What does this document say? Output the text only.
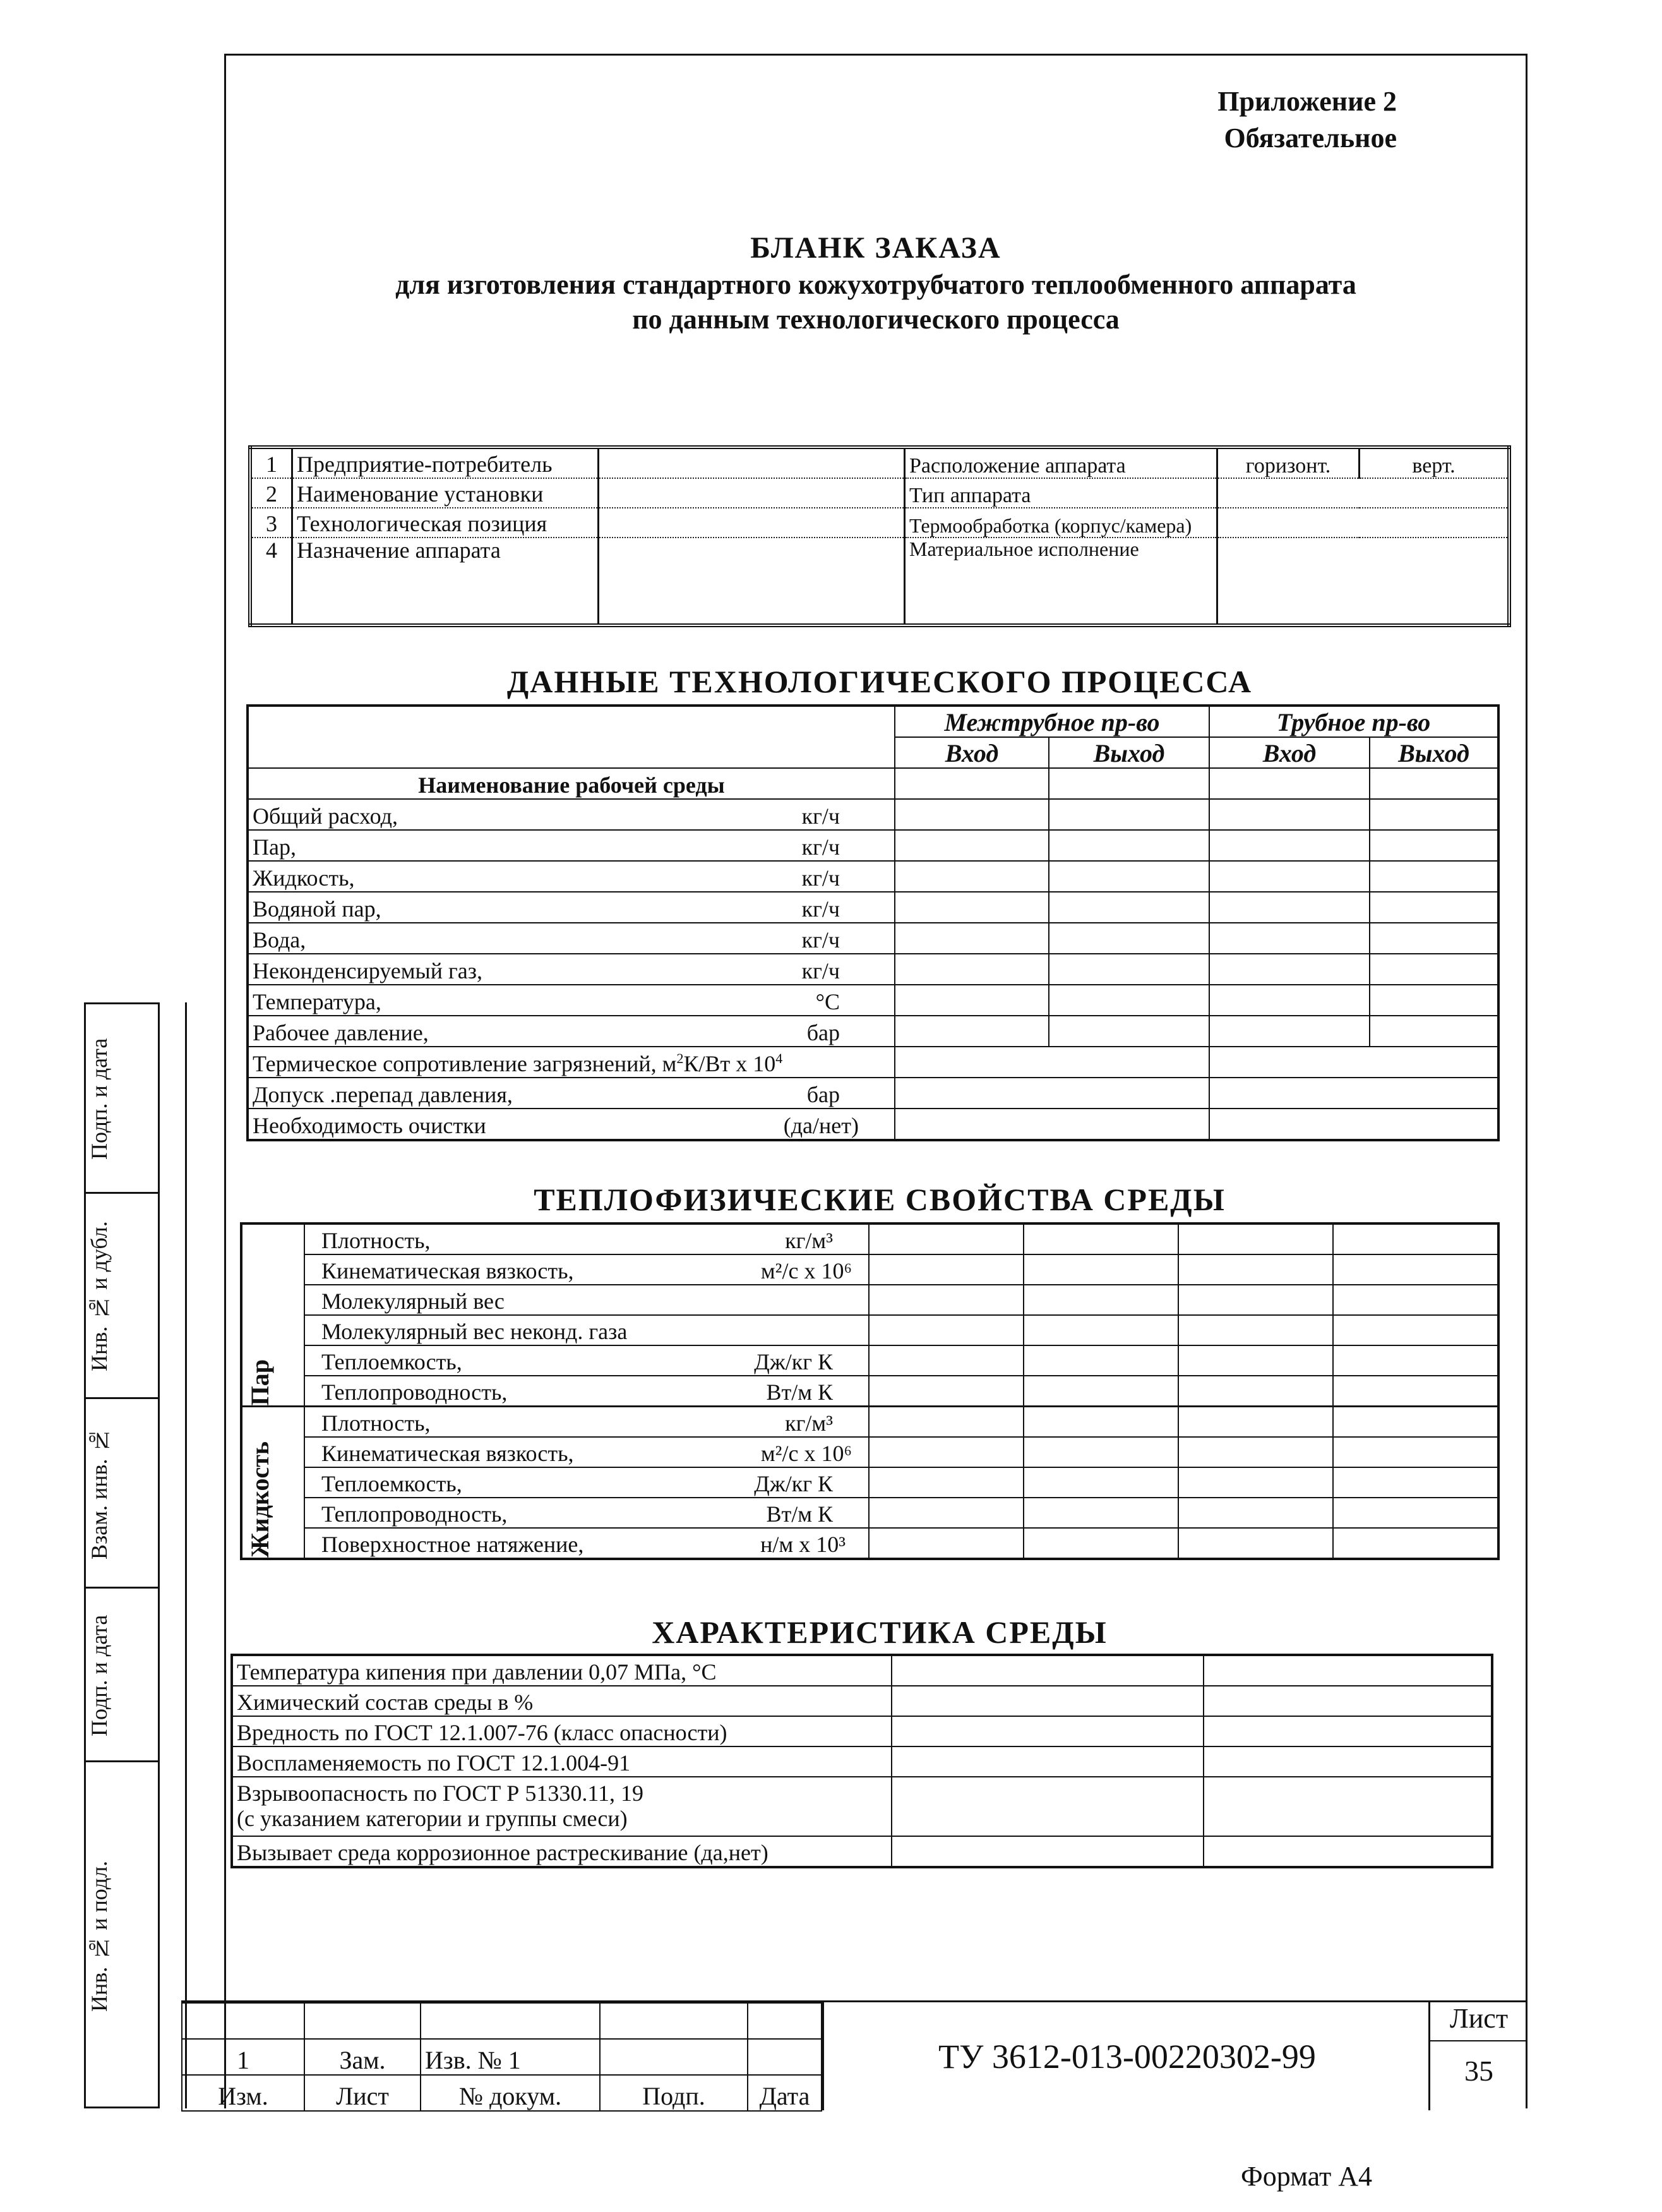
Приложение 2
Обязательное
БЛАНК ЗАКАЗА
для изготовления стандартного кожухотрубчатого теплообменного аппарата
по данным технологического процесса
1	Предприятие-потребитель		Расположение аппарата	горизонт.	верт.
2	Наименование установки		Тип аппарата		
3	Технологическая позиция		Термообработка (корпус/камера)		
4	Назначение аппарата		Материальное исполнение		
ДАННЫЕ ТЕХНОЛОГИЧЕСКОГО ПРОЦЕССА
	Межтрубное пр-во		Трубное пр-во	
	Вход	Выход	Вход	Выход
Наименование рабочей среды				

Общий расход, кг/ч				

Пар, кг/ч				

Жидкость, кг/ч				

Водяной пар, кг/ч				

Вода, кг/ч				

Неконденсируемый газ, кг/ч				

Температура, °C				

Рабочее давление, бар				

Термическое сопротивление загрязнений, $м^2К/Вт$ х $10^4$		

Допуск .перепад давления, бар				

Необходимость очистки (да/нет)				

ТЕПЛОФИЗИЧЕСКИЕ СВОЙСТВА СРЕДЫ
Пар	Плотность, кг/м³				

	Кинематическая вязкость, м²/с х 10⁶				

	Молекулярный вес				

	Молекулярный вес неконд. газа				

	Теплоемкость, Дж/кг К				

	Теплопроводность, Вт/м К				

Жидкость	Плотность, кг/м³				

	Кинематическая вязкость, м²/с х 10⁶				

	Теплоемкость, Дж/кг К				

	Теплопроводность, Вт/м К				

	Поверхностное натяжение, н/м х 10³				

ХАРАКТЕРИСТИКА СРЕДЫ
Температура кипения при давлении 0,07 МПа, °С		
Химический состав среды в %		
Вредность по ГОСТ 12.1.007-76 (класс опасности)		
Воспламеняемость по ГОСТ 12.1.004-91		

Взрывоопасность по ГОСТ Р 51330.11, 19
(с указанием категории и группы смеси)		

Вызывает среда коррозионное растрескивание (да,нет)		
Подп. и дата
Инв. № и дубл.
Взам. инв. №
Подп. и дата
Инв. № и подл.

1	Зам.	Изв. № 1		
Изм.	Лист	№ докум.	Подп.	Дата
ТУ 3612-013-00220302-99
Лист
35
Формат А4
